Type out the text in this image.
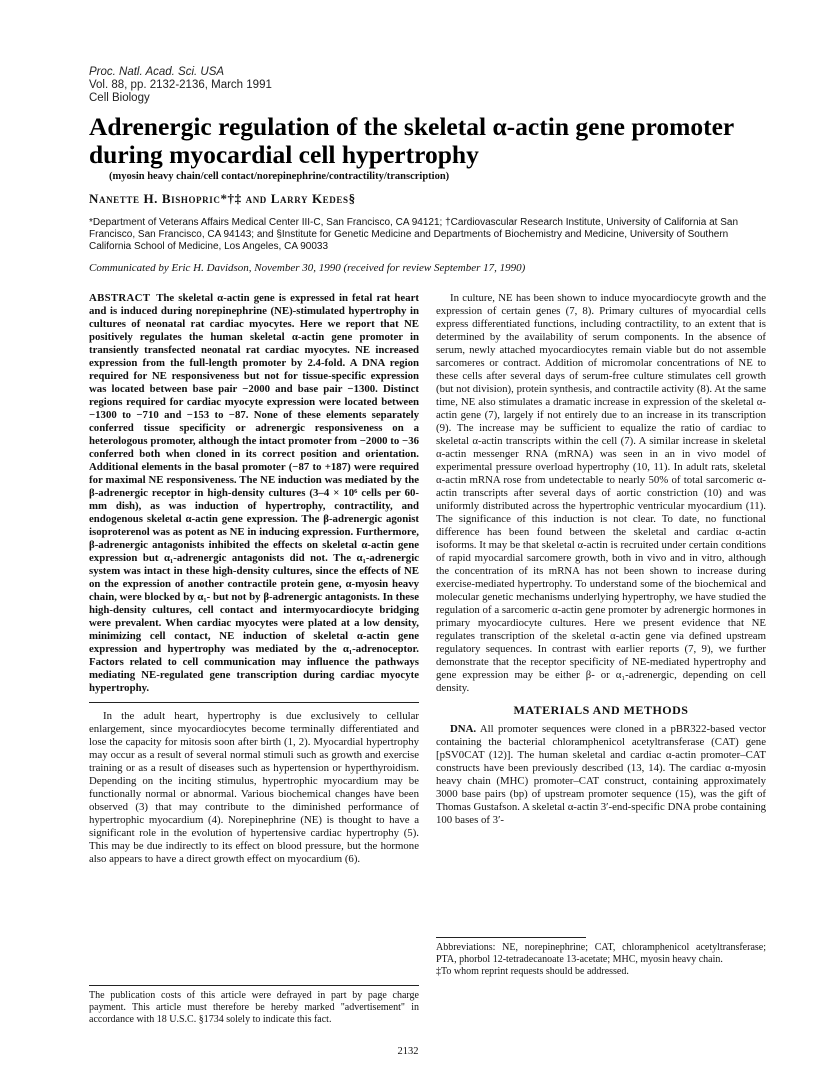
Proc. Natl. Acad. Sci. USA
Vol. 88, pp. 2132-2136, March 1991
Cell Biology
Adrenergic regulation of the skeletal α-actin gene promoter during myocardial cell hypertrophy
(myosin heavy chain/cell contact/norepinephrine/contractility/transcription)
Nanette H. Bishopric*†‡ and Larry Kedes§
*Department of Veterans Affairs Medical Center III-C, San Francisco, CA 94121; †Cardiovascular Research Institute, University of California at San Francisco, San Francisco, CA 94143; and §Institute for Genetic Medicine and Departments of Biochemistry and Medicine, University of Southern California School of Medicine, Los Angeles, CA 90033
Communicated by Eric H. Davidson, November 30, 1990 (received for review September 17, 1990)

ABSTRACT The skeletal α-actin gene is expressed in fetal rat heart and is induced during norepinephrine (NE)-stimulated hypertrophy in cultures of neonatal rat cardiac myocytes. Here we report that NE positively regulates the human skeletal α-actin gene promoter in transiently transfected neonatal rat cardiac myocytes. NE increased expression from the full-length promoter by 2.4-fold. A DNA region required for NE responsiveness but not for tissue-specific expression was located between base pair −2000 and base pair −1300. Distinct regions required for cardiac myocyte expression were located between −1300 to −710 and −153 to −87. None of these elements separately conferred tissue specificity or adrenergic responsiveness on a heterologous promoter, although the intact promoter from −2000 to −36 conferred both when cloned in its correct position and orientation. Additional elements in the basal promoter (−87 to +187) were required for maximal NE responsiveness. The NE induction was mediated by the β-adrenergic receptor in high-density cultures (3–4 × 10⁶ cells per 60-mm dish), as was induction of hypertrophy, contractility, and endogenous skeletal α-actin gene expression. The β-adrenergic agonist isoproterenol was as potent as NE in inducing expression. Furthermore, β-adrenergic antagonists inhibited the effects on skeletal α-actin gene expression but α₁-adrenergic antagonists did not. The α₁-adrenergic system was intact in these high-density cultures, since the effects of NE on the expression of another contractile protein gene, α-myosin heavy chain, were blocked by α₁- but not by β-adrenergic antagonists. In these high-density cultures, cell contact and intermyocardiocyte bridging were prevalent. When cardiac myocytes were plated at a low density, minimizing cell contact, NE induction of skeletal α-actin gene expression and hypertrophy was mediated by the α₁-adrenoceptor. Factors related to cell communication may influence the pathways mediating NE-regulated gene transcription during cardiac myocyte hypertrophy.

In the adult heart, hypertrophy is due exclusively to cellular enlargement, since myocardiocytes become terminally differentiated and lose the capacity for mitosis soon after birth (1, 2). Myocardial hypertrophy may occur as a result of several normal stimuli such as growth and exercise training or as a result of diseases such as hypertension or hyperthyroidism. Depending on the inciting stimulus, hypertrophic myocardium may be functionally normal or abnormal. Various biochemical changes have been observed (3) that may contribute to the diminished performance of hypertrophic myocardium (4). Norepinephrine (NE) is thought to have a significant role in the evolution of hypertensive cardiac hypertrophy (5). This may be due indirectly to its effect on blood pressure, but the hormone also appears to have a direct growth effect on myocardium (6).

The publication costs of this article were defrayed in part by page charge payment. This article must therefore be hereby marked "advertisement" in accordance with 18 U.S.C. §1734 solely to indicate this fact.

In culture, NE has been shown to induce myocardiocyte growth and the expression of certain genes (7, 8). Primary cultures of myocardial cells express differentiated functions, including contractility, to an extent that is determined by the availability of serum components. In the absence of serum, newly attached myocardiocytes remain viable but do not assemble sarcomeres or contract. Addition of micromolar concentrations of NE to these cells after several days of serum-free culture stimulates cell growth (but not division), protein synthesis, and contractile activity (8). At the same time, NE also stimulates a dramatic increase in expression of the skeletal α-actin gene (7), largely if not entirely due to an increase in its transcription (9). The increase may be sufficient to equalize the ratio of cardiac to skeletal α-actin transcripts within the cell (7). A similar increase in skeletal α-actin messenger RNA (mRNA) was seen in an in vivo model of experimental pressure overload hypertrophy (10, 11). In adult rats, skeletal α-actin mRNA rose from undetectable to nearly 50% of total sarcomeric α-actin transcripts after several days of aortic constriction (10) and was uniformly distributed across the hypertrophic ventricular myocardium (11). The significance of this induction is not clear. To date, no functional difference has been found between the skeletal and cardiac α-actin isoforms. It may be that skeletal α-actin is recruited under certain conditions of rapid myocardial sarcomere growth, both in vivo and in vitro, although the concentration of its mRNA has not been shown to increase during exercise-mediated hypertrophy. To understand some of the biochemical and molecular genetic mechanisms underlying hypertrophy, we have studied the regulation of a sarcomeric α-actin gene promoter by adrenergic hormones in primary myocardiocyte cultures. Here we present evidence that NE regulates transcription of the skeletal α-actin gene via defined upstream regulatory sequences. In contrast with earlier reports (7, 9), we further demonstrate that the receptor specificity of NE-mediated hypertrophy and gene expression may be either β- or α₁-adrenergic, depending on cell density.

MATERIALS AND METHODS

DNA. All promoter sequences were cloned in a pBR322-based vector containing the bacterial chloramphenicol acetyltransferase (CAT) gene [pSV0CAT (12)]. The human skeletal and cardiac α-actin promoter–CAT constructs have been previously described (13, 14). The cardiac α-myosin heavy chain (MHC) promoter–CAT construct, containing approximately 3000 base pairs (bp) of upstream promoter sequence (15), was the gift of Thomas Gustafson. A skeletal α-actin 3′-end-specific DNA probe containing 100 bases of 3′-

Abbreviations: NE, norepinephrine; CAT, chloramphenicol acetyltransferase; PTA, phorbol 12-tetradecanoate 13-acetate; MHC, myosin heavy chain.
‡To whom reprint requests should be addressed.
2132
